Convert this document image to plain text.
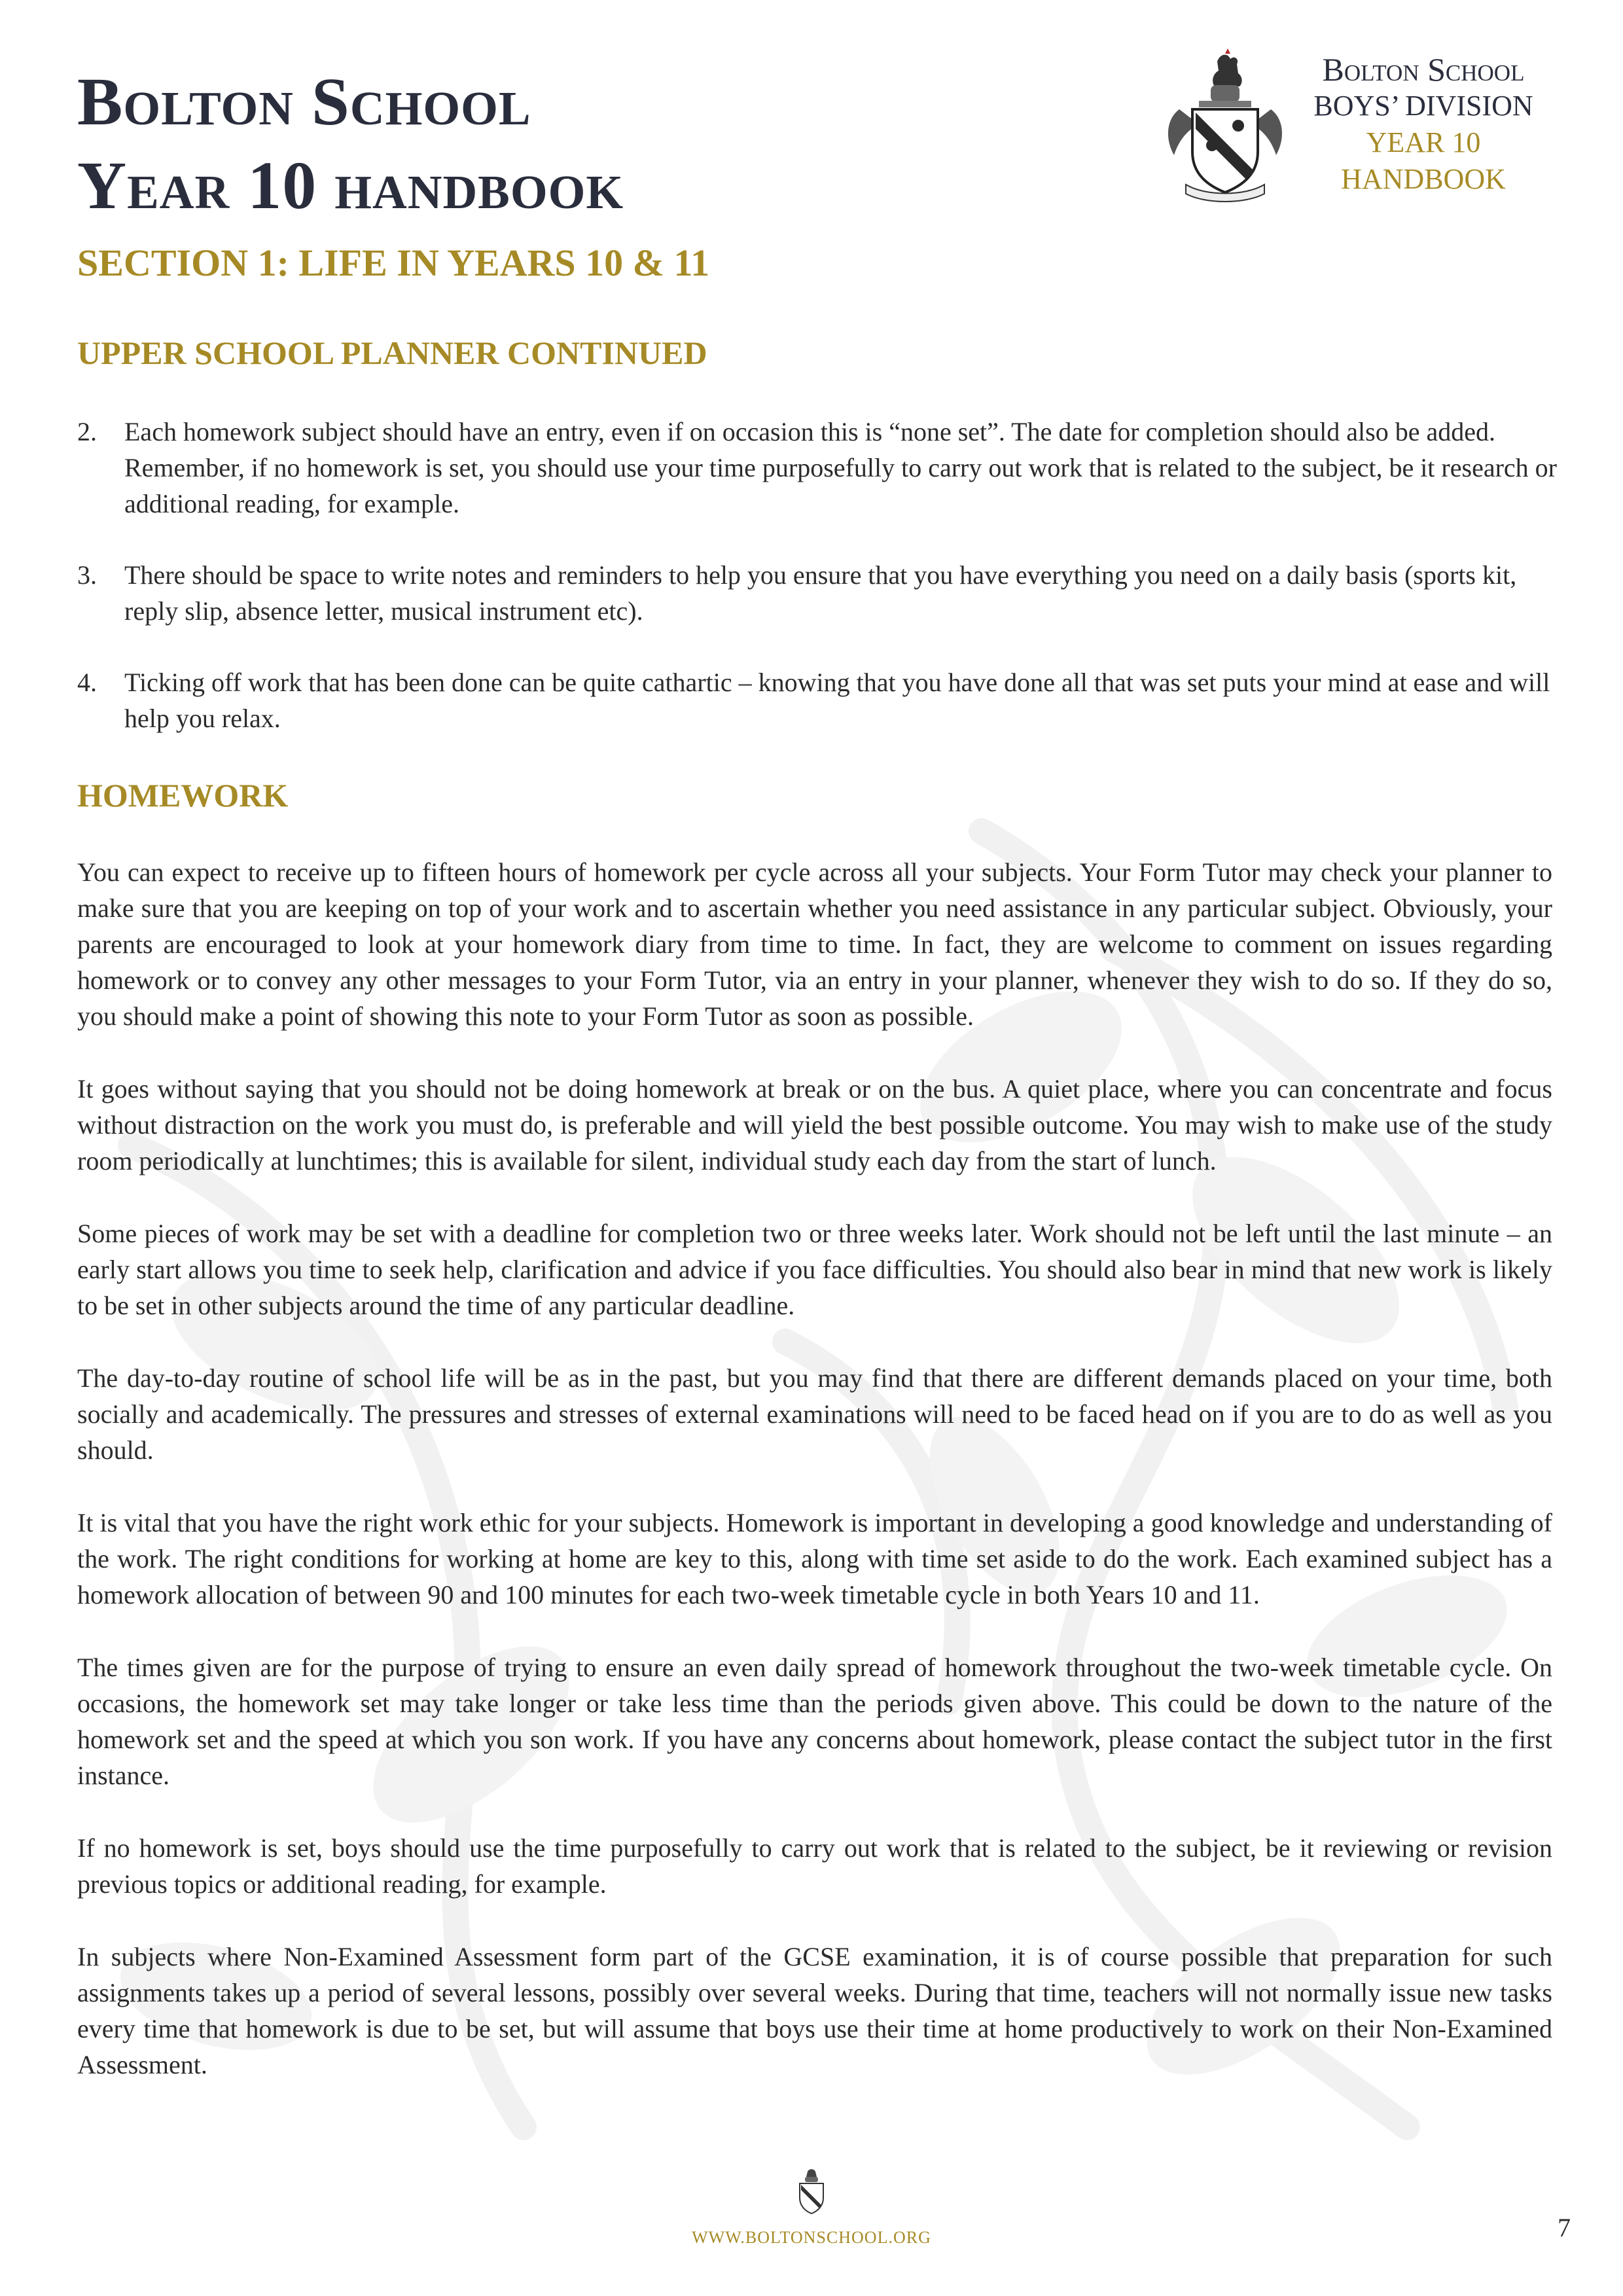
Bolton School
Year 10 handbook
Bolton School
BOYS’ DIVISION
YEAR 10
HANDBOOK
SECTION 1: LIFE IN YEARS 10 & 11
UPPER SCHOOL PLANNER CONTINUED
2.	Each homework subject should have an entry, even if on occasion this is “none set”. The date for completion should also be added. Remember, if no homework is set, you should use your time purposefully to carry out work that is related to the subject, be it research or additional reading, for example.
3.	There should be space to write notes and reminders to help you ensure that you have everything you need on a daily basis (sports kit, reply slip, absence letter, musical instrument etc).
4.	Ticking off work that has been done can be quite cathartic – knowing that you have done all that was set puts your mind at ease and will help you relax.
HOMEWORK

You can expect to receive up to fifteen hours of homework per cycle across all your subjects. Your Form Tutor may check your planner to make sure that you are keeping on top of your work and to ascertain whether you need assistance in any particular subject. Obviously, your parents are encouraged to look at your homework diary from time to time. In fact, they are welcome to comment on issues regarding homework or to convey any other messages to your Form Tutor, via an entry in your planner, whenever they wish to do so. If they do so, you should make a point of showing this note to your Form Tutor as soon as possible.

It goes without saying that you should not be doing homework at break or on the bus. A quiet place, where you can concentrate and focus without distraction on the work you must do, is preferable and will yield the best possible outcome. You may wish to make use of the study room periodically at lunchtimes; this is available for silent, individual study each day from the start of lunch.

Some pieces of work may be set with a deadline for completion two or three weeks later. Work should not be left until the last minute – an early start allows you time to seek help, clarification and advice if you face difficulties. You should also bear in mind that new work is likely to be set in other subjects around the time of any particular deadline.

The day-to-day routine of school life will be as in the past, but you may find that there are different demands placed on your time, both socially and academically. The pressures and stresses of external examinations will need to be faced head on if you are to do as well as you should.

It is vital that you have the right work ethic for your subjects. Homework is important in developing a good knowledge and understanding of the work. The right conditions for working at home are key to this, along with time set aside to do the work. Each examined subject has a homework allocation of between 90 and 100 minutes for each two-week timetable cycle in both Years 10 and 11.

The times given are for the purpose of trying to ensure an even daily spread of homework throughout the two-week timetable cycle. On occasions, the homework set may take longer or take less time than the periods given above. This could be down to the nature of the homework set and the speed at which you son work. If you have any concerns about homework, please contact the subject tutor in the first instance.

If no homework is set, boys should use the time purposefully to carry out work that is related to the subject, be it reviewing or revision previous topics or additional reading, for example.

In subjects where Non-Examined Assessment form part of the GCSE examination, it is of course possible that preparation for such assignments takes up a period of several lessons, possibly over several weeks. During that time, teachers will not normally issue new tasks every time that homework is due to be set, but will assume that boys use their time at home productively to work on their Non-Examined Assessment.

WWW.BOLTONSCHOOL.ORG	7
